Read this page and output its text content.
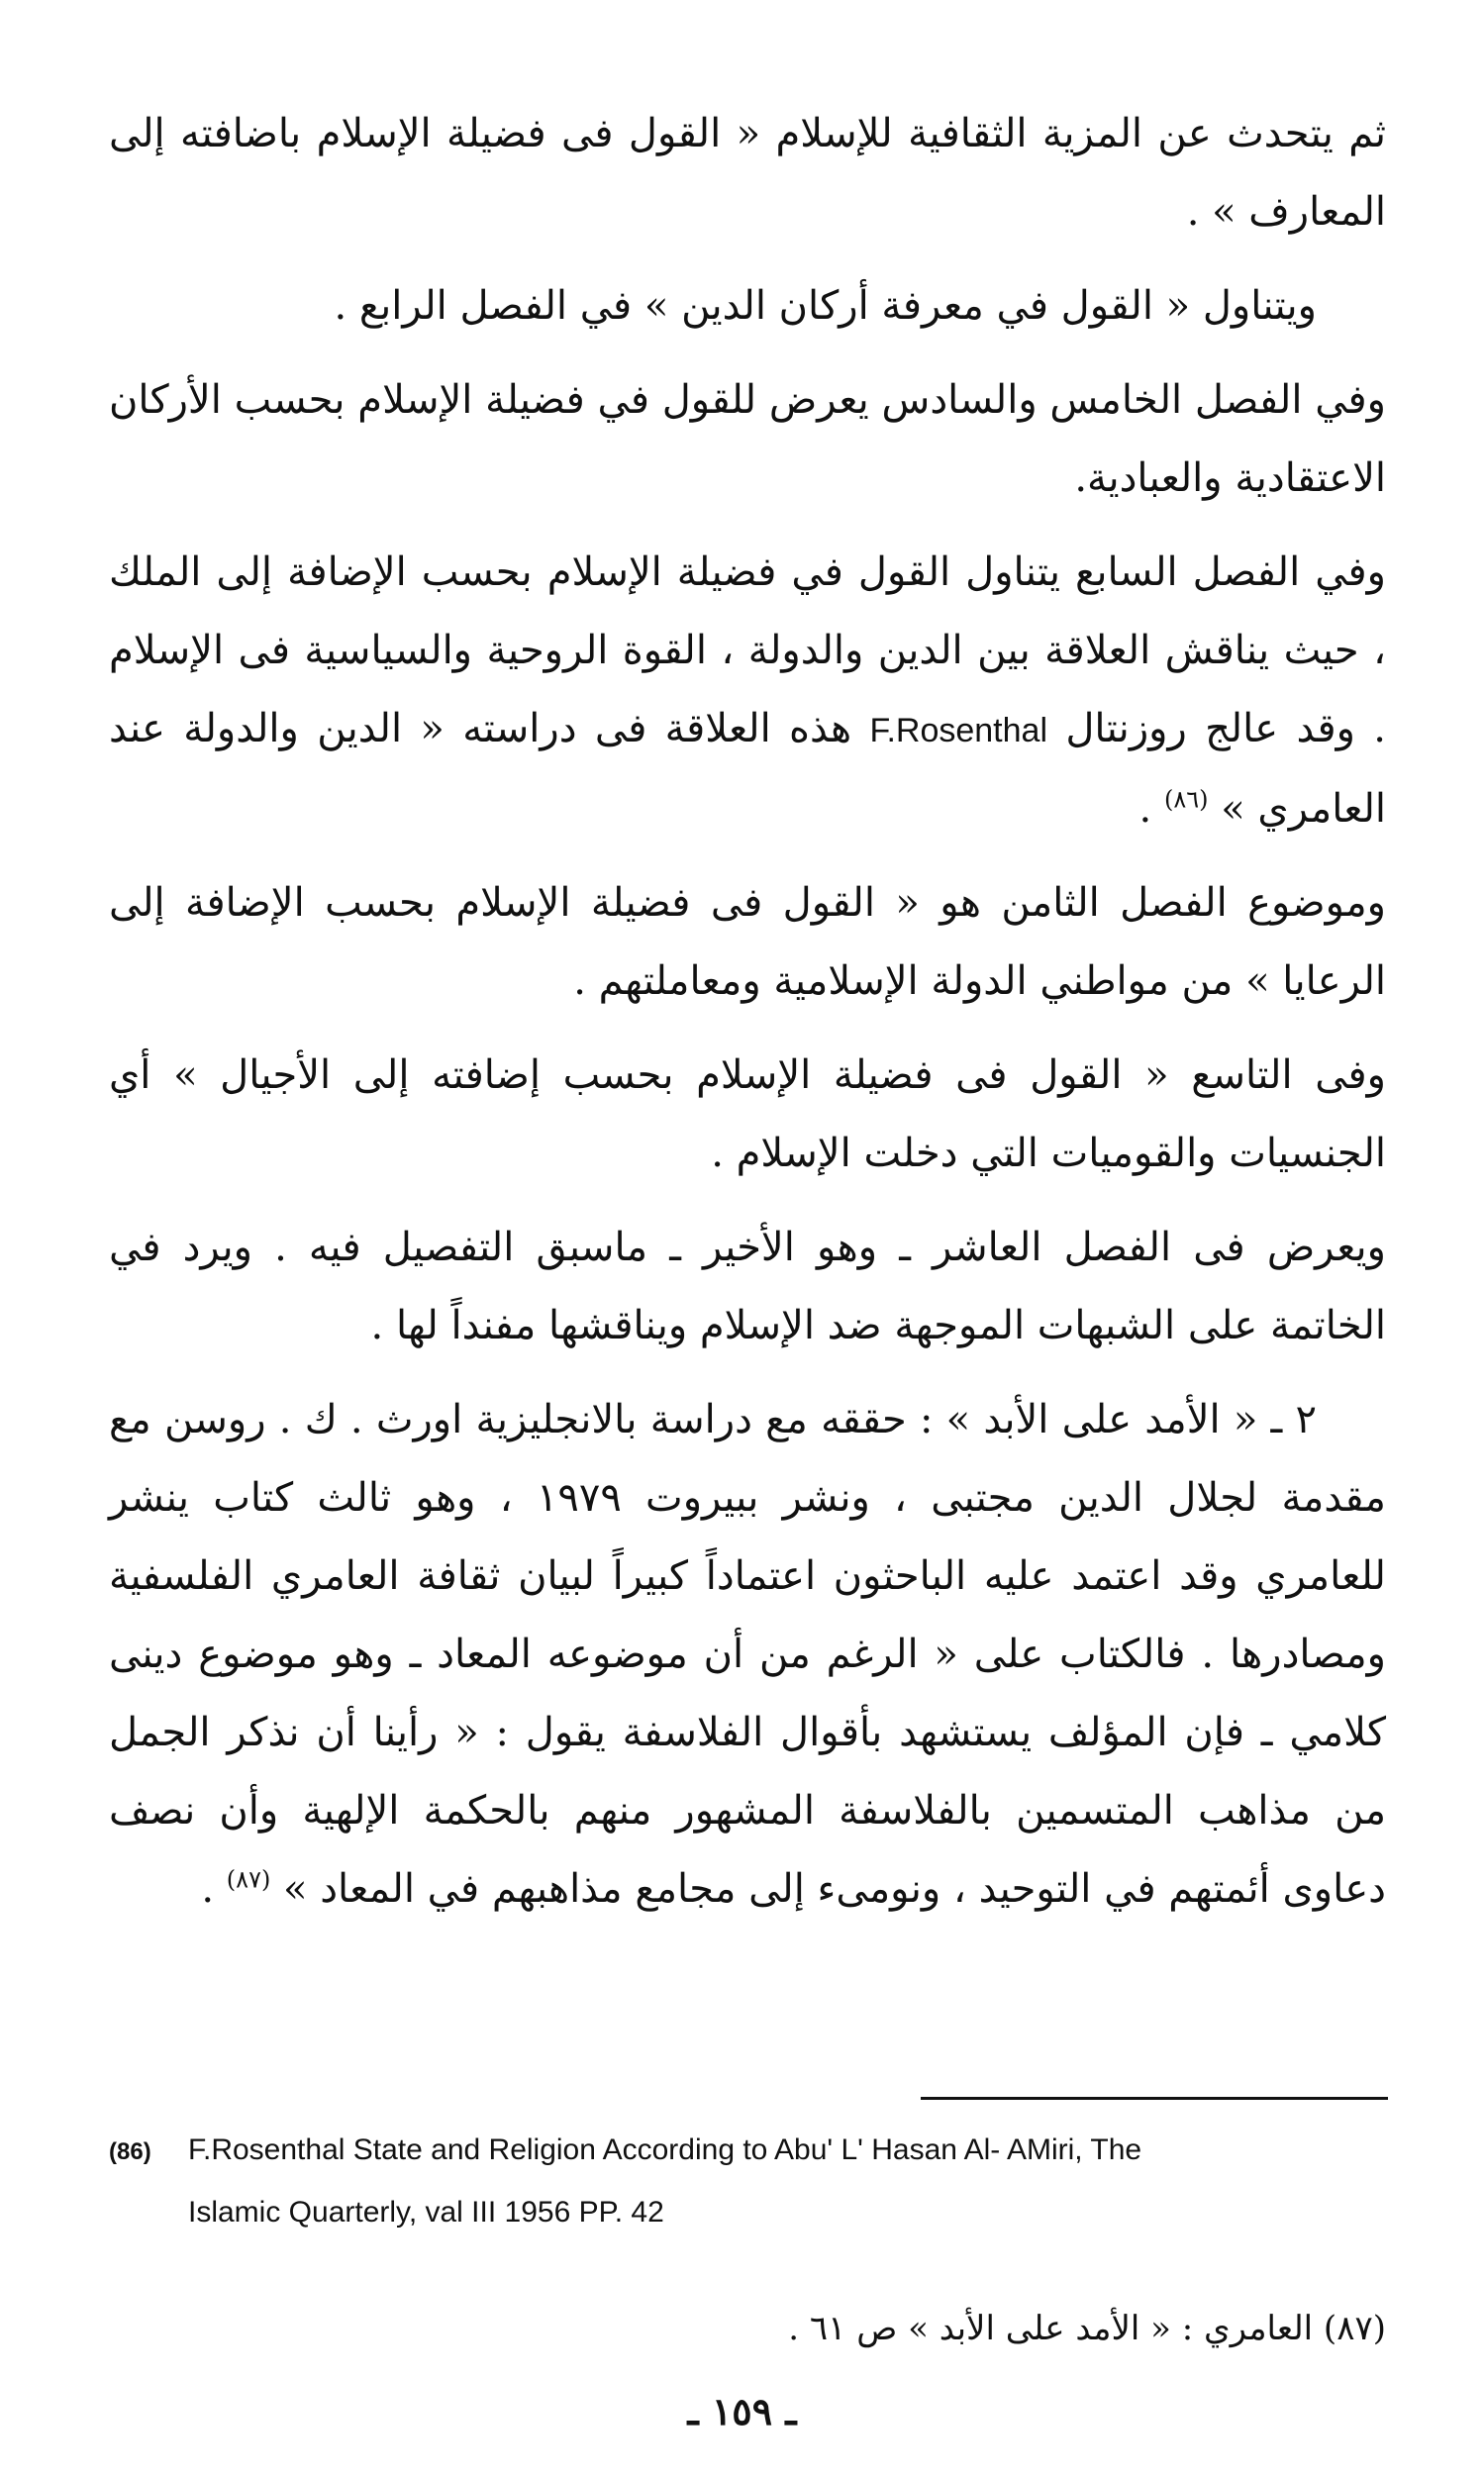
ثم يتحدث عن المزية الثقافية للإسلام « القول فى فضيلة الإسلام باضافته إلى المعارف » .

ويتناول « القول في معرفة أركان الدين » في الفصل الرابع .

وفي الفصل الخامس والسادس يعرض للقول في فضيلة الإسلام بحسب الأركان الاعتقادية والعبادية.

وفي الفصل السابع يتناول القول في فضيلة الإسلام بحسب الإضافة إلى الملك ، حيث يناقش العلاقة بين الدين والدولة ، القوة الروحية والسياسية فى الإسلام . وقد عالج روزنتال F.Rosenthal هذه العلاقة فى دراسته « الدين والدولة عند العامري » $^{(٨٦)}$ .

وموضوع الفصل الثامن هو « القول فى فضيلة الإسلام بحسب الإضافة إلى الرعايا » من مواطني الدولة الإسلامية ومعاملتهم .

وفى التاسع « القول فى فضيلة الإسلام بحسب إضافته إلى الأجيال » أي الجنسيات والقوميات التي دخلت الإسلام .

ويعرض فى الفصل العاشر ـ وهو الأخير ـ ماسبق التفصيل فيه . ويرد في الخاتمة على الشبهات الموجهة ضد الإسلام ويناقشها مفنداً لها .

٢ ـ « الأمد على الأبد » : حققه مع دراسة بالانجليزية اورث . ك . روسن مع مقدمة لجلال الدين مجتبى ، ونشر ببيروت ١٩٧٩ ، وهو ثالث كتاب ينشر للعامري وقد اعتمد عليه الباحثون اعتماداً كبيراً لبيان ثقافة العامري الفلسفية ومصادرها . فالكتاب على « الرغم من أن موضوعه المعاد ـ وهو موضوع دينى كلامي ـ فإن المؤلف يستشهد بأقوال الفلاسفة يقول : « رأينا أن نذكر الجمل من مذاهب المتسمين بالفلاسفة المشهور منهم بالحكمة الإلهية وأن نصف دعاوى أئمتهم في التوحيد ، ونومىء إلى مجامع مذاهبهم في المعاد » $^{(٨٧)}$ .

(86) F.Rosenthal State and Religion According to Abu' L' Hasan Al- AMiri, The
Islamic Quarterly, val III 1956 PP. 42
(٨٧) العامري : « الأمد على الأبد » ص ٦١ .
ـ ١٥٩ ـ
